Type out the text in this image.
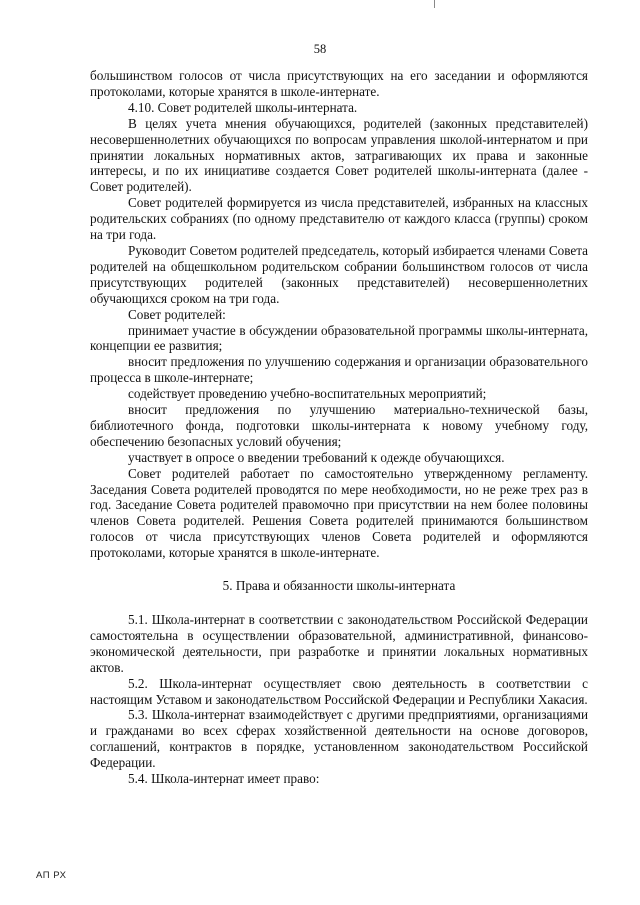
58

большинством голосов от числа присутствующих на его заседании и оформляются протоколами, которые хранятся в школе-интернате.

4.10. Совет родителей школы-интерната.

В целях учета мнения обучающихся, родителей (законных представителей) несовершеннолетних обучающихся по вопросам управления школой-интернатом и при принятии локальных нормативных актов, затрагивающих их права и законные интересы, и по их инициативе создается Совет родителей школы-интерната (далее - Совет родителей).

Совет родителей формируется из числа представителей, избранных на классных родительских собраниях (по одному представителю от каждого класса (группы) сроком на три года.

Руководит Советом родителей председатель, который избирается членами Совета родителей на общешкольном родительском собрании большинством голосов от числа присутствующих родителей (законных представителей) несовершеннолетних обучающихся сроком на три года.

Совет родителей:

принимает участие в обсуждении образовательной программы школы-интерната, концепции ее развития;

вносит предложения по улучшению содержания и организации образовательного процесса в школе-интернате;

содействует проведению учебно-воспитательных мероприятий;

вносит предложения по улучшению материально-технической базы, библиотечного фонда, подготовки школы-интерната к новому учебному году, обеспечению безопасных условий обучения;

участвует в опросе о введении требований к одежде обучающихся.

Совет родителей работает по самостоятельно утвержденному регламенту. Заседания Совета родителей проводятся по мере необходимости, но не реже трех раз в год. Заседание Совета родителей правомочно при присутствии на нем более половины членов Совета родителей. Решения Совета родителей принимаются большинством голосов от числа присутствующих членов Совета родителей и оформляются протоколами, которые хранятся в школе-интернате.

5. Права и обязанности школы-интерната

5.1. Школа-интернат в соответствии с законодательством Российской Федерации самостоятельна в осуществлении образовательной, административной, финансово-экономической деятельности, при разработке и принятии локальных нормативных актов.

5.2. Школа-интернат осуществляет свою деятельность в соответствии с настоящим Уставом и законодательством Российской Федерации и Республики Хакасия.

5.3. Школа-интернат взаимодействует с другими предприятиями, организациями и гражданами во всех сферах хозяйственной деятельности на основе договоров, соглашений, контрактов в порядке, установленном законодательством Российской Федерации.

5.4. Школа-интернат имеет право:

АП РХ
